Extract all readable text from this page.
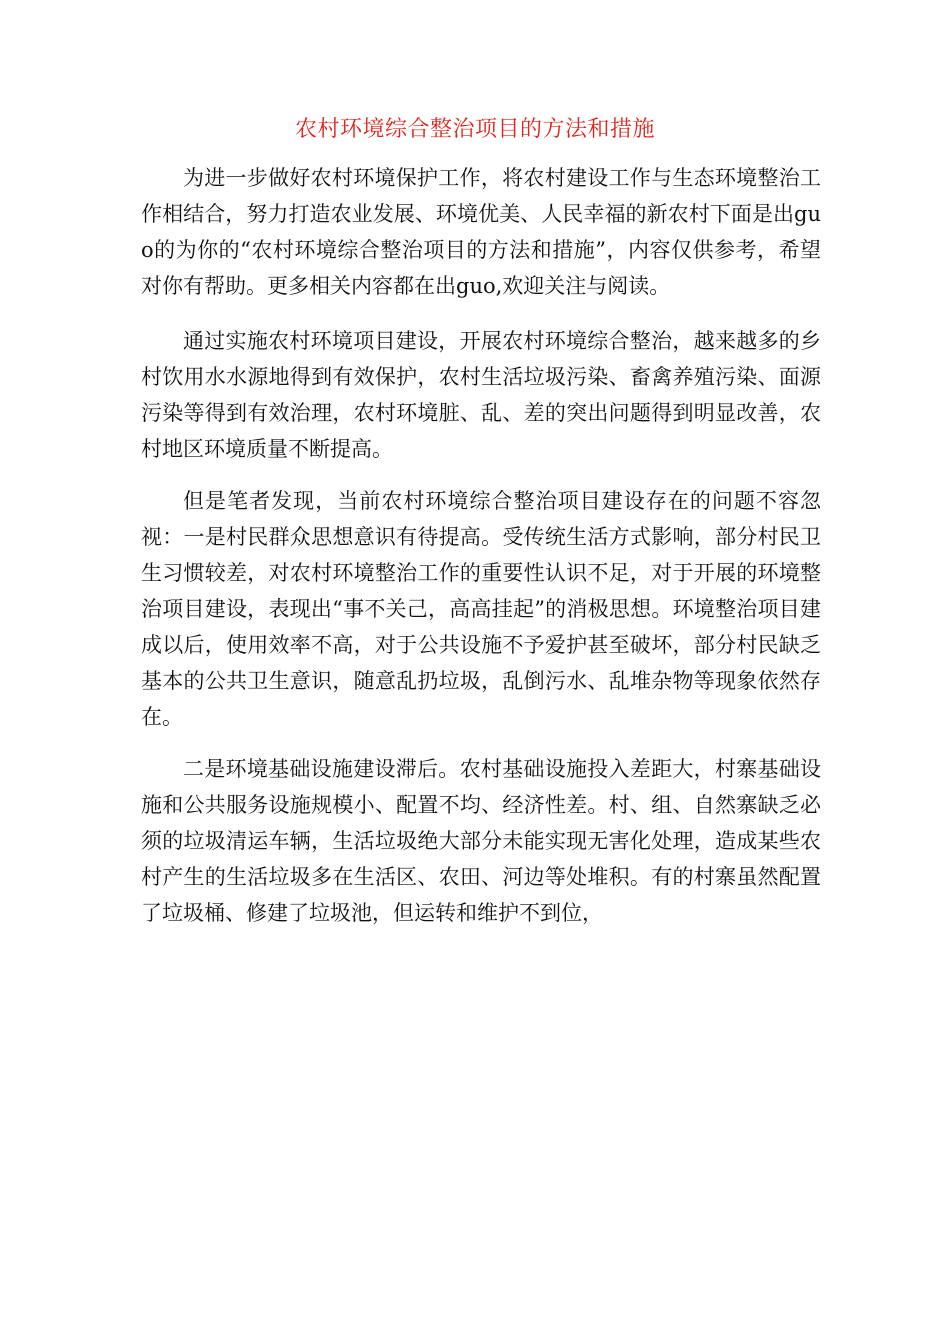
农村环境综合整治项目的方法和措施

为进一步做好农村环境保护工作，将农村建设工作与生态环境整治工作相结合，努力打造农业发展、环境优美、人民幸福的新农村下面是出guo的为你的“农村环境综合整治项目的方法和措施”，内容仅供参考，希望对你有帮助。更多相关内容都在出guo,欢迎关注与阅读。

通过实施农村环境项目建设，开展农村环境综合整治，越来越多的乡村饮用水水源地得到有效保护，农村生活垃圾污染、畜禽养殖污染、面源污染等得到有效治理，农村环境脏、乱、差的突出问题得到明显改善，农村地区环境质量不断提高。

但是笔者发现，当前农村环境综合整治项目建设存在的问题不容忽视：一是村民群众思想意识有待提高。受传统生活方式影响，部分村民卫生习惯较差，对农村环境整治工作的重要性认识不足，对于开展的环境整治项目建设，表现出“事不关己，高高挂起”的消极思想。环境整治项目建成以后，使用效率不高，对于公共设施不予爱护甚至破坏，部分村民缺乏基本的公共卫生意识，随意乱扔垃圾，乱倒污水、乱堆杂物等现象依然存在。

二是环境基础设施建设滞后。农村基础设施投入差距大，村寨基础设施和公共服务设施规模小、配置不均、经济性差。村、组、自然寨缺乏必须的垃圾清运车辆，生活垃圾绝大部分未能实现无害化处理，造成某些农村产生的生活垃圾多在生活区、农田、河边等处堆积。有的村寨虽然配置了垃圾桶、修建了垃圾池，但运转和维护不到位，
